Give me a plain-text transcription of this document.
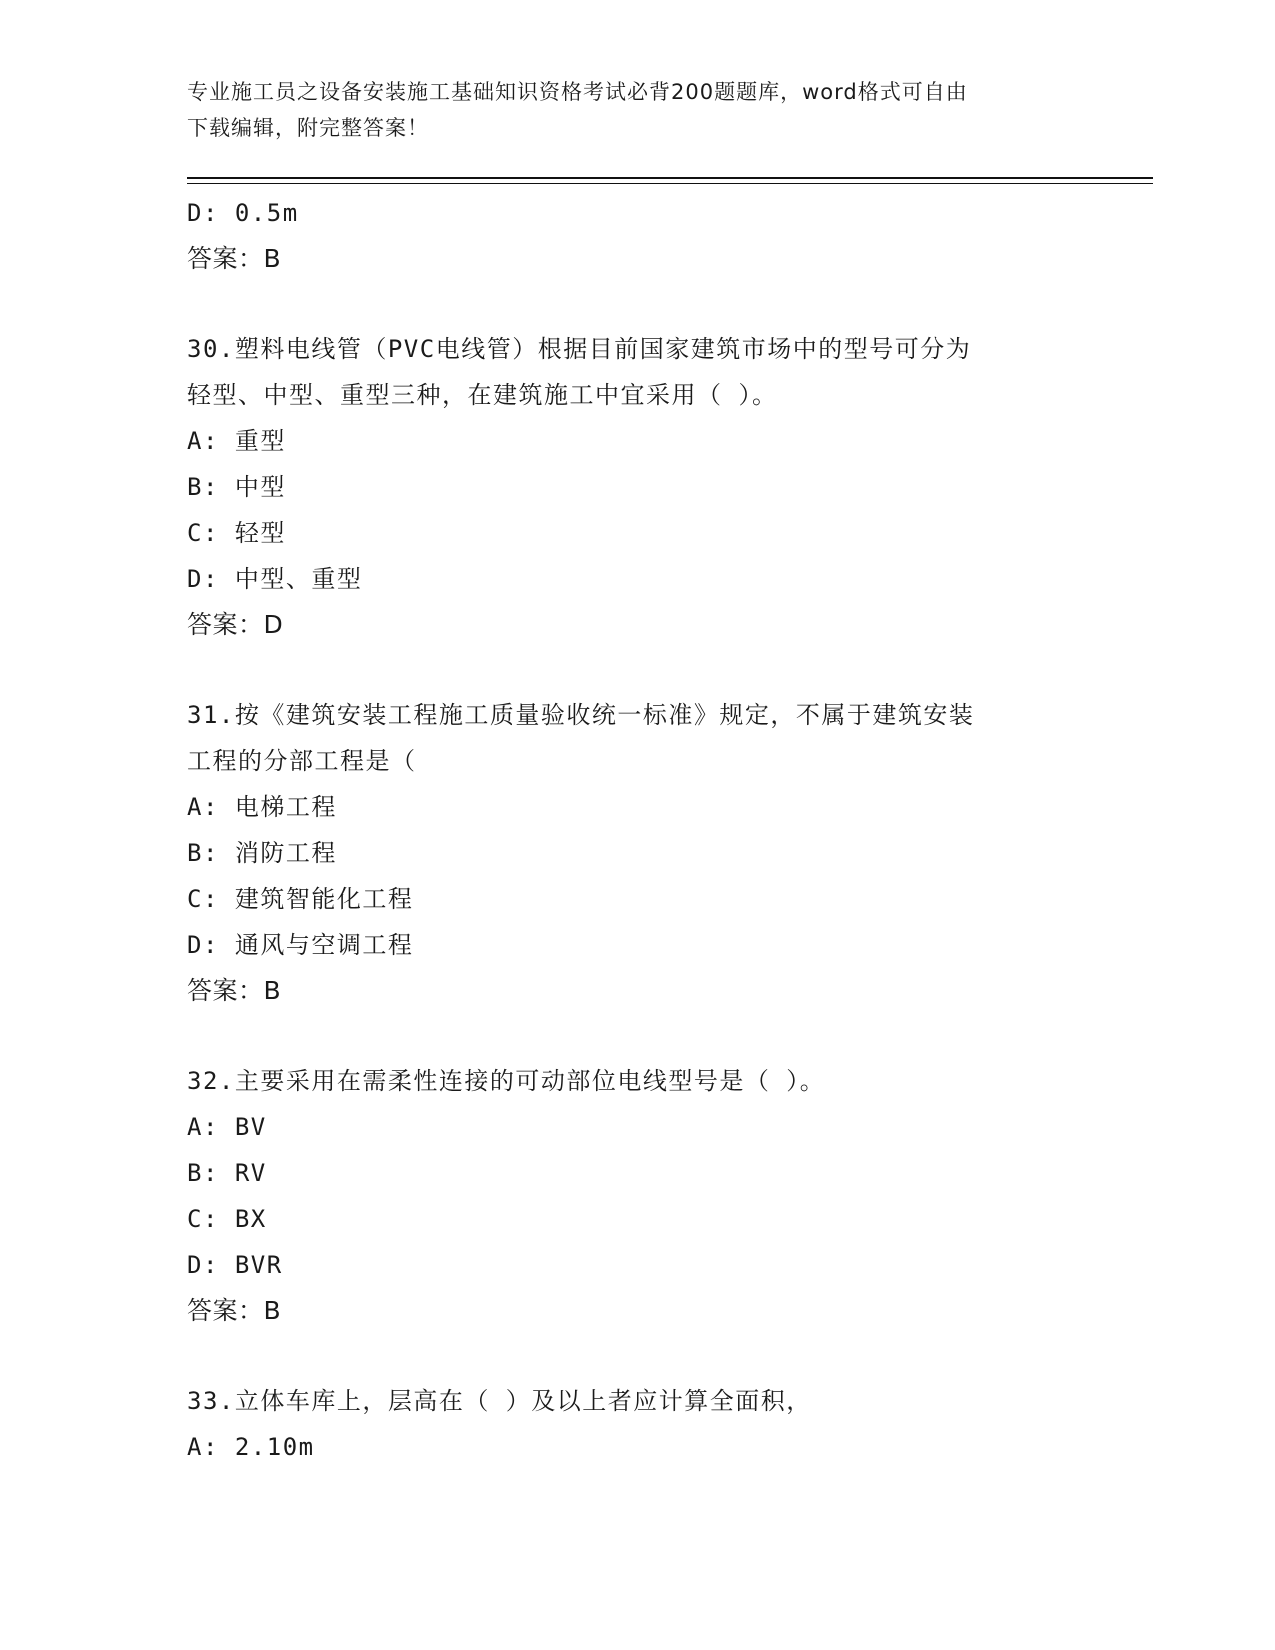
专业施工员之设备安装施工基础知识资格考试必背200题题库，word格式可自由
下载编辑，附完整答案！
D: 0.5m
答案：B
30.塑料电线管（PVC电线管）根据目前国家建筑市场中的型号可分为
轻型、中型、重型三种，在建筑施工中宜采用（ ）。
A: 重型
B: 中型
C: 轻型
D: 中型、重型
答案：D
31.按《建筑安装工程施工质量验收统一标准》规定，不属于建筑安装
工程的分部工程是（
A: 电梯工程
B: 消防工程
C: 建筑智能化工程
D: 通风与空调工程
答案：B
32.主要采用在需柔性连接的可动部位电线型号是（ ）。
A: BV
B: RV
C: BX
D: BVR
答案：B
33.立体车库上，层高在（ ）及以上者应计算全面积，
A: 2.10m
